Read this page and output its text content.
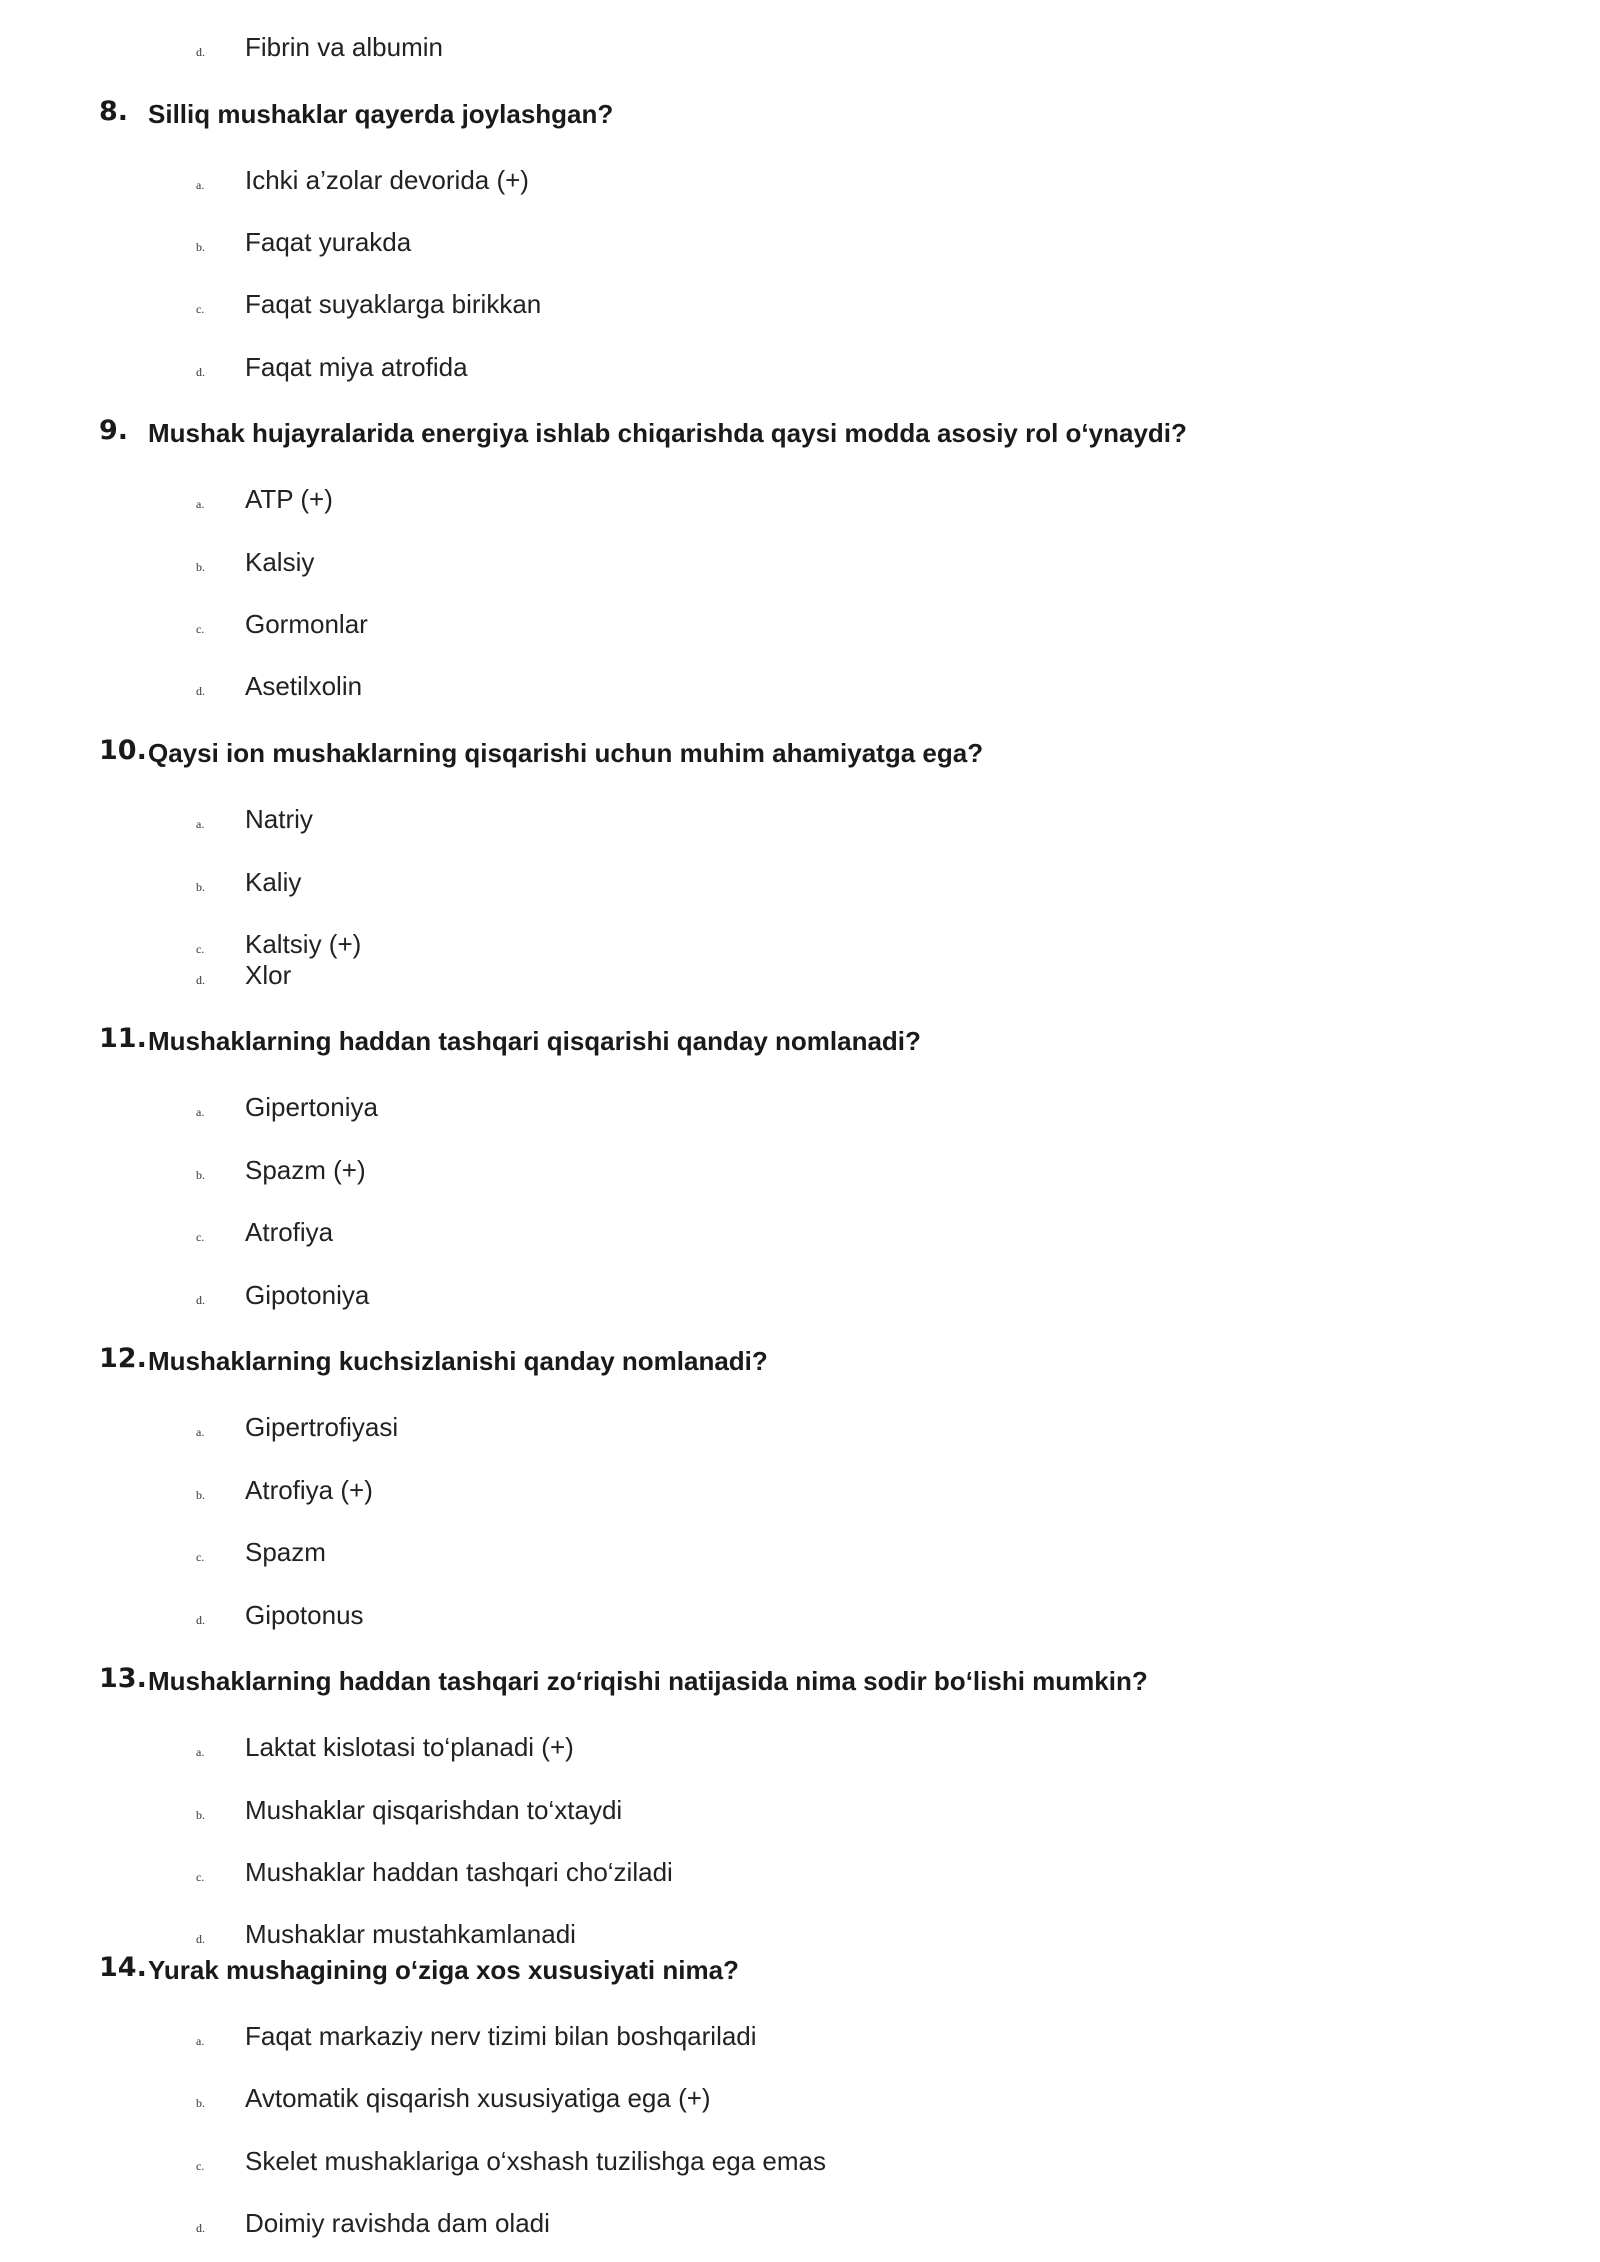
d. Fibrin va albumin
8. Silliq mushaklar qayerda joylashgan?
a. Ichki a’zolar devorida (+)
b. Faqat yurakda
c. Faqat suyaklarga birikkan
d. Faqat miya atrofida
9. Mushak hujayralarida energiya ishlab chiqarishda qaysi modda asosiy rol o‘ynaydi?
a. ATP (+)
b. Kalsiy
c. Gormonlar
d. Asetilxolin
10. Qaysi ion mushaklarning qisqarishi uchun muhim ahamiyatga ega?
a. Natriy
b. Kaliy
c. Kaltsiy (+)
d. Xlor
11. Mushaklarning haddan tashqari qisqarishi qanday nomlanadi?
a. Gipertoniya
b. Spazm (+)
c. Atrofiya
d. Gipotoniya
12. Mushaklarning kuchsizlanishi qanday nomlanadi?
a. Gipertrofiyasi
b. Atrofiya (+)
c. Spazm
d. Gipotonus
13. Mushaklarning haddan tashqari zo‘riqishi natijasida nima sodir bo‘lishi mumkin?
a. Laktat kislotasi to‘planadi (+)
b. Mushaklar qisqarishdan to‘xtaydi
c. Mushaklar haddan tashqari cho‘ziladi
d. Mushaklar mustahkamlanadi
14. Yurak mushagining o‘ziga xos xususiyati nima?
a. Faqat markaziy nerv tizimi bilan boshqariladi
b. Avtomatik qisqarish xususiyatiga ega (+)
c. Skelet mushaklariga o‘xshash tuzilishga ega emas
d. Doimiy ravishda dam oladi
